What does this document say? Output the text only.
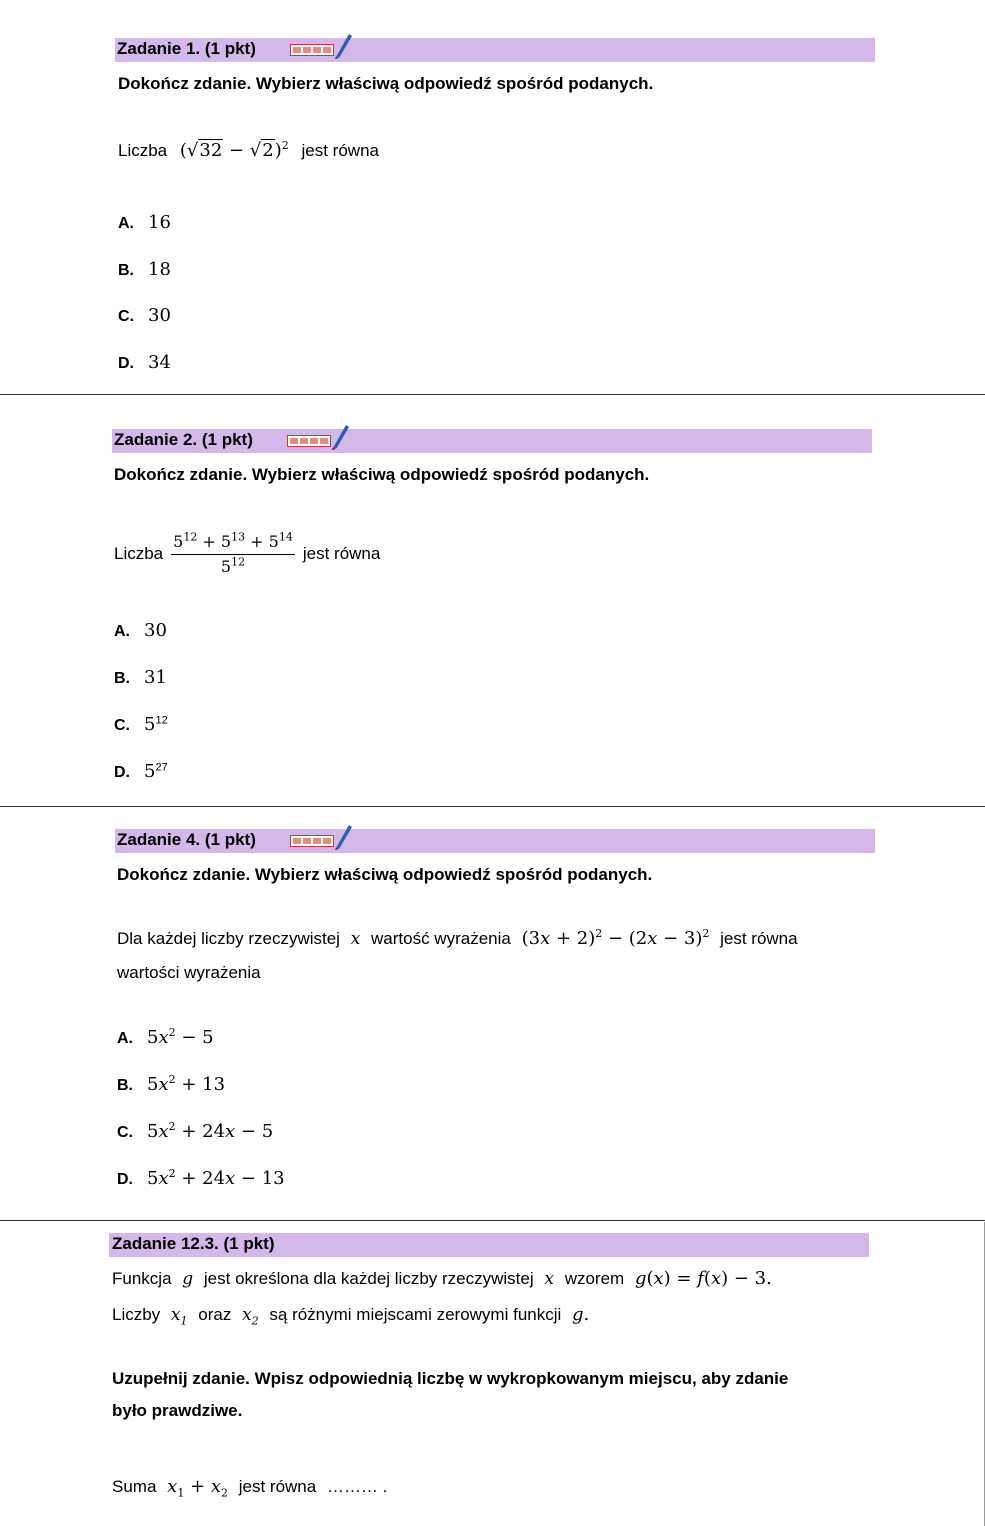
Zadanie 1. (1 pkt)
Dokończ zdanie. Wybierz właściwą odpowiedź spośród podanych.
Liczba $(√32 - √2)^2$ jest równa
A. 16
B. 18
C. 30
D. 34
Zadanie 2. (1 pkt)
Dokończ zdanie. Wybierz właściwą odpowiedź spośród podanych.
Liczba $\frac{5^{12} + 5^{13} + 5^{14}}{5^{12}}$ jest równa
A. 30
B. 31
C. $5^{12}$
D. $5^{27}$
Zadanie 4. (1 pkt)
Dokończ zdanie. Wybierz właściwą odpowiedź spośród podanych.
Dla każdej liczby rzeczywistej x wartość wyrażenia $(3x + 2)^2 - (2x - 3)^2$ jest równa
wartości wyrażenia
A. $5x^2 - 5$
B. $5x^2 + 13$
C. $5x^2 + 24x - 5$
D. $5x^2 + 24x - 13$
Zadanie 12.3. (1 pkt)
Funkcja g jest określona dla każdej liczby rzeczywistej x wzorem g(x) = f(x) − 3.
Liczby $x_1$ oraz $x_2$ są różnymi miejscami zerowymi funkcji g.
Uzupełnij zdanie. Wpisz odpowiednią liczbę w wykropkowanym miejscu, aby zdanie
było prawdziwe.
Suma $x_1 + x_2$ jest równa ……… .
